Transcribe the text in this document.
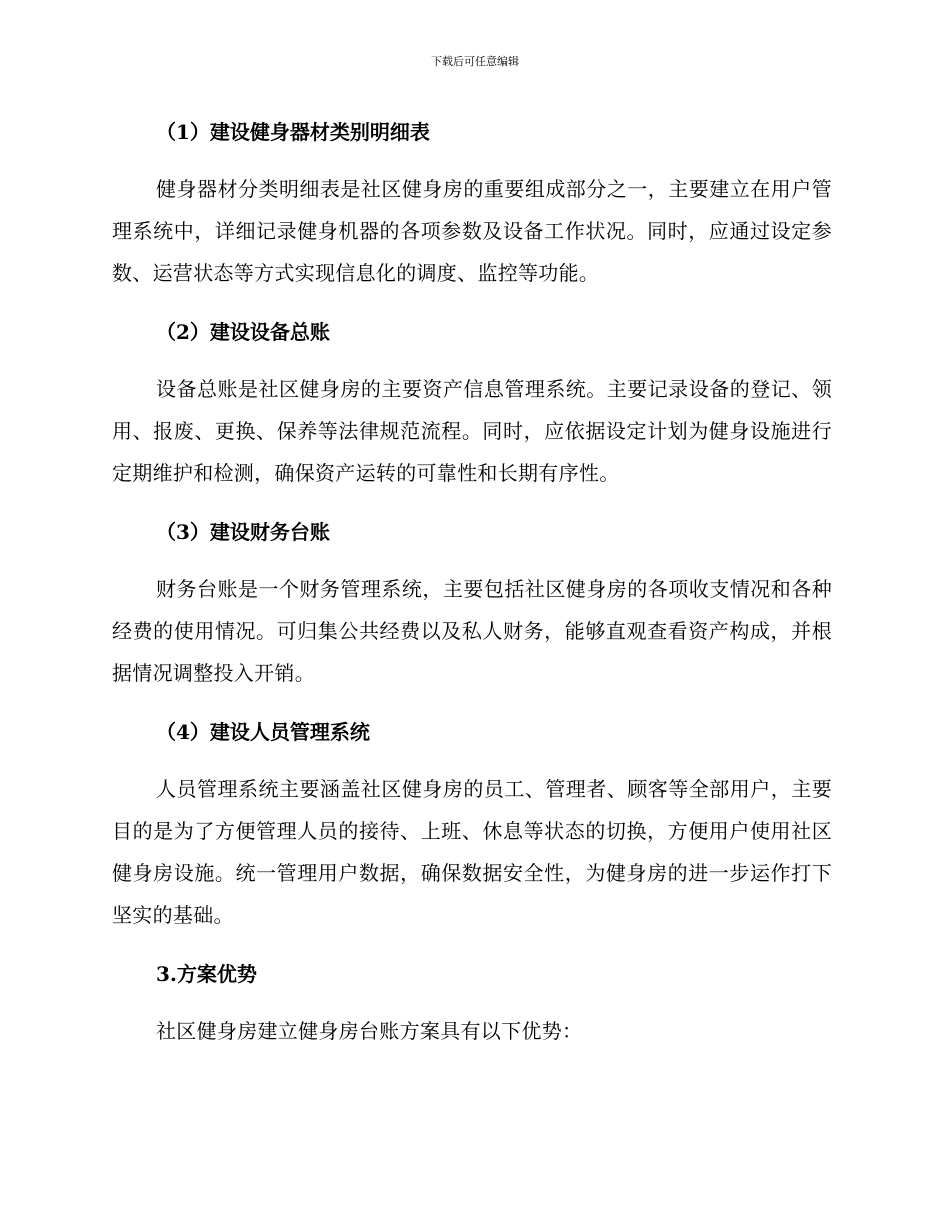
下载后可任意编辑
（1）建设健身器材类别明细表

健身器材分类明细表是社区健身房的重要组成部分之一，主要建立在用户管理系统中，详细记录健身机器的各项参数及设备工作状况。同时，应通过设定参数、运营状态等方式实现信息化的调度、监控等功能。

（2）建设设备总账

设备总账是社区健身房的主要资产信息管理系统。主要记录设备的登记、领用、报废、更换、保养等法律规范流程。同时，应依据设定计划为健身设施进行定期维护和检测，确保资产运转的可靠性和长期有序性。

（3）建设财务台账

财务台账是一个财务管理系统，主要包括社区健身房的各项收支情况和各种经费的使用情况。可归集公共经费以及私人财务，能够直观查看资产构成，并根据情况调整投入开销。

（4）建设人员管理系统

人员管理系统主要涵盖社区健身房的员工、管理者、顾客等全部用户，主要目的是为了方便管理人员的接待、上班、休息等状态的切换，方便用户使用社区健身房设施。统一管理用户数据，确保数据安全性，为健身房的进一步运作打下坚实的基础。

3.方案优势

社区健身房建立健身房台账方案具有以下优势：
